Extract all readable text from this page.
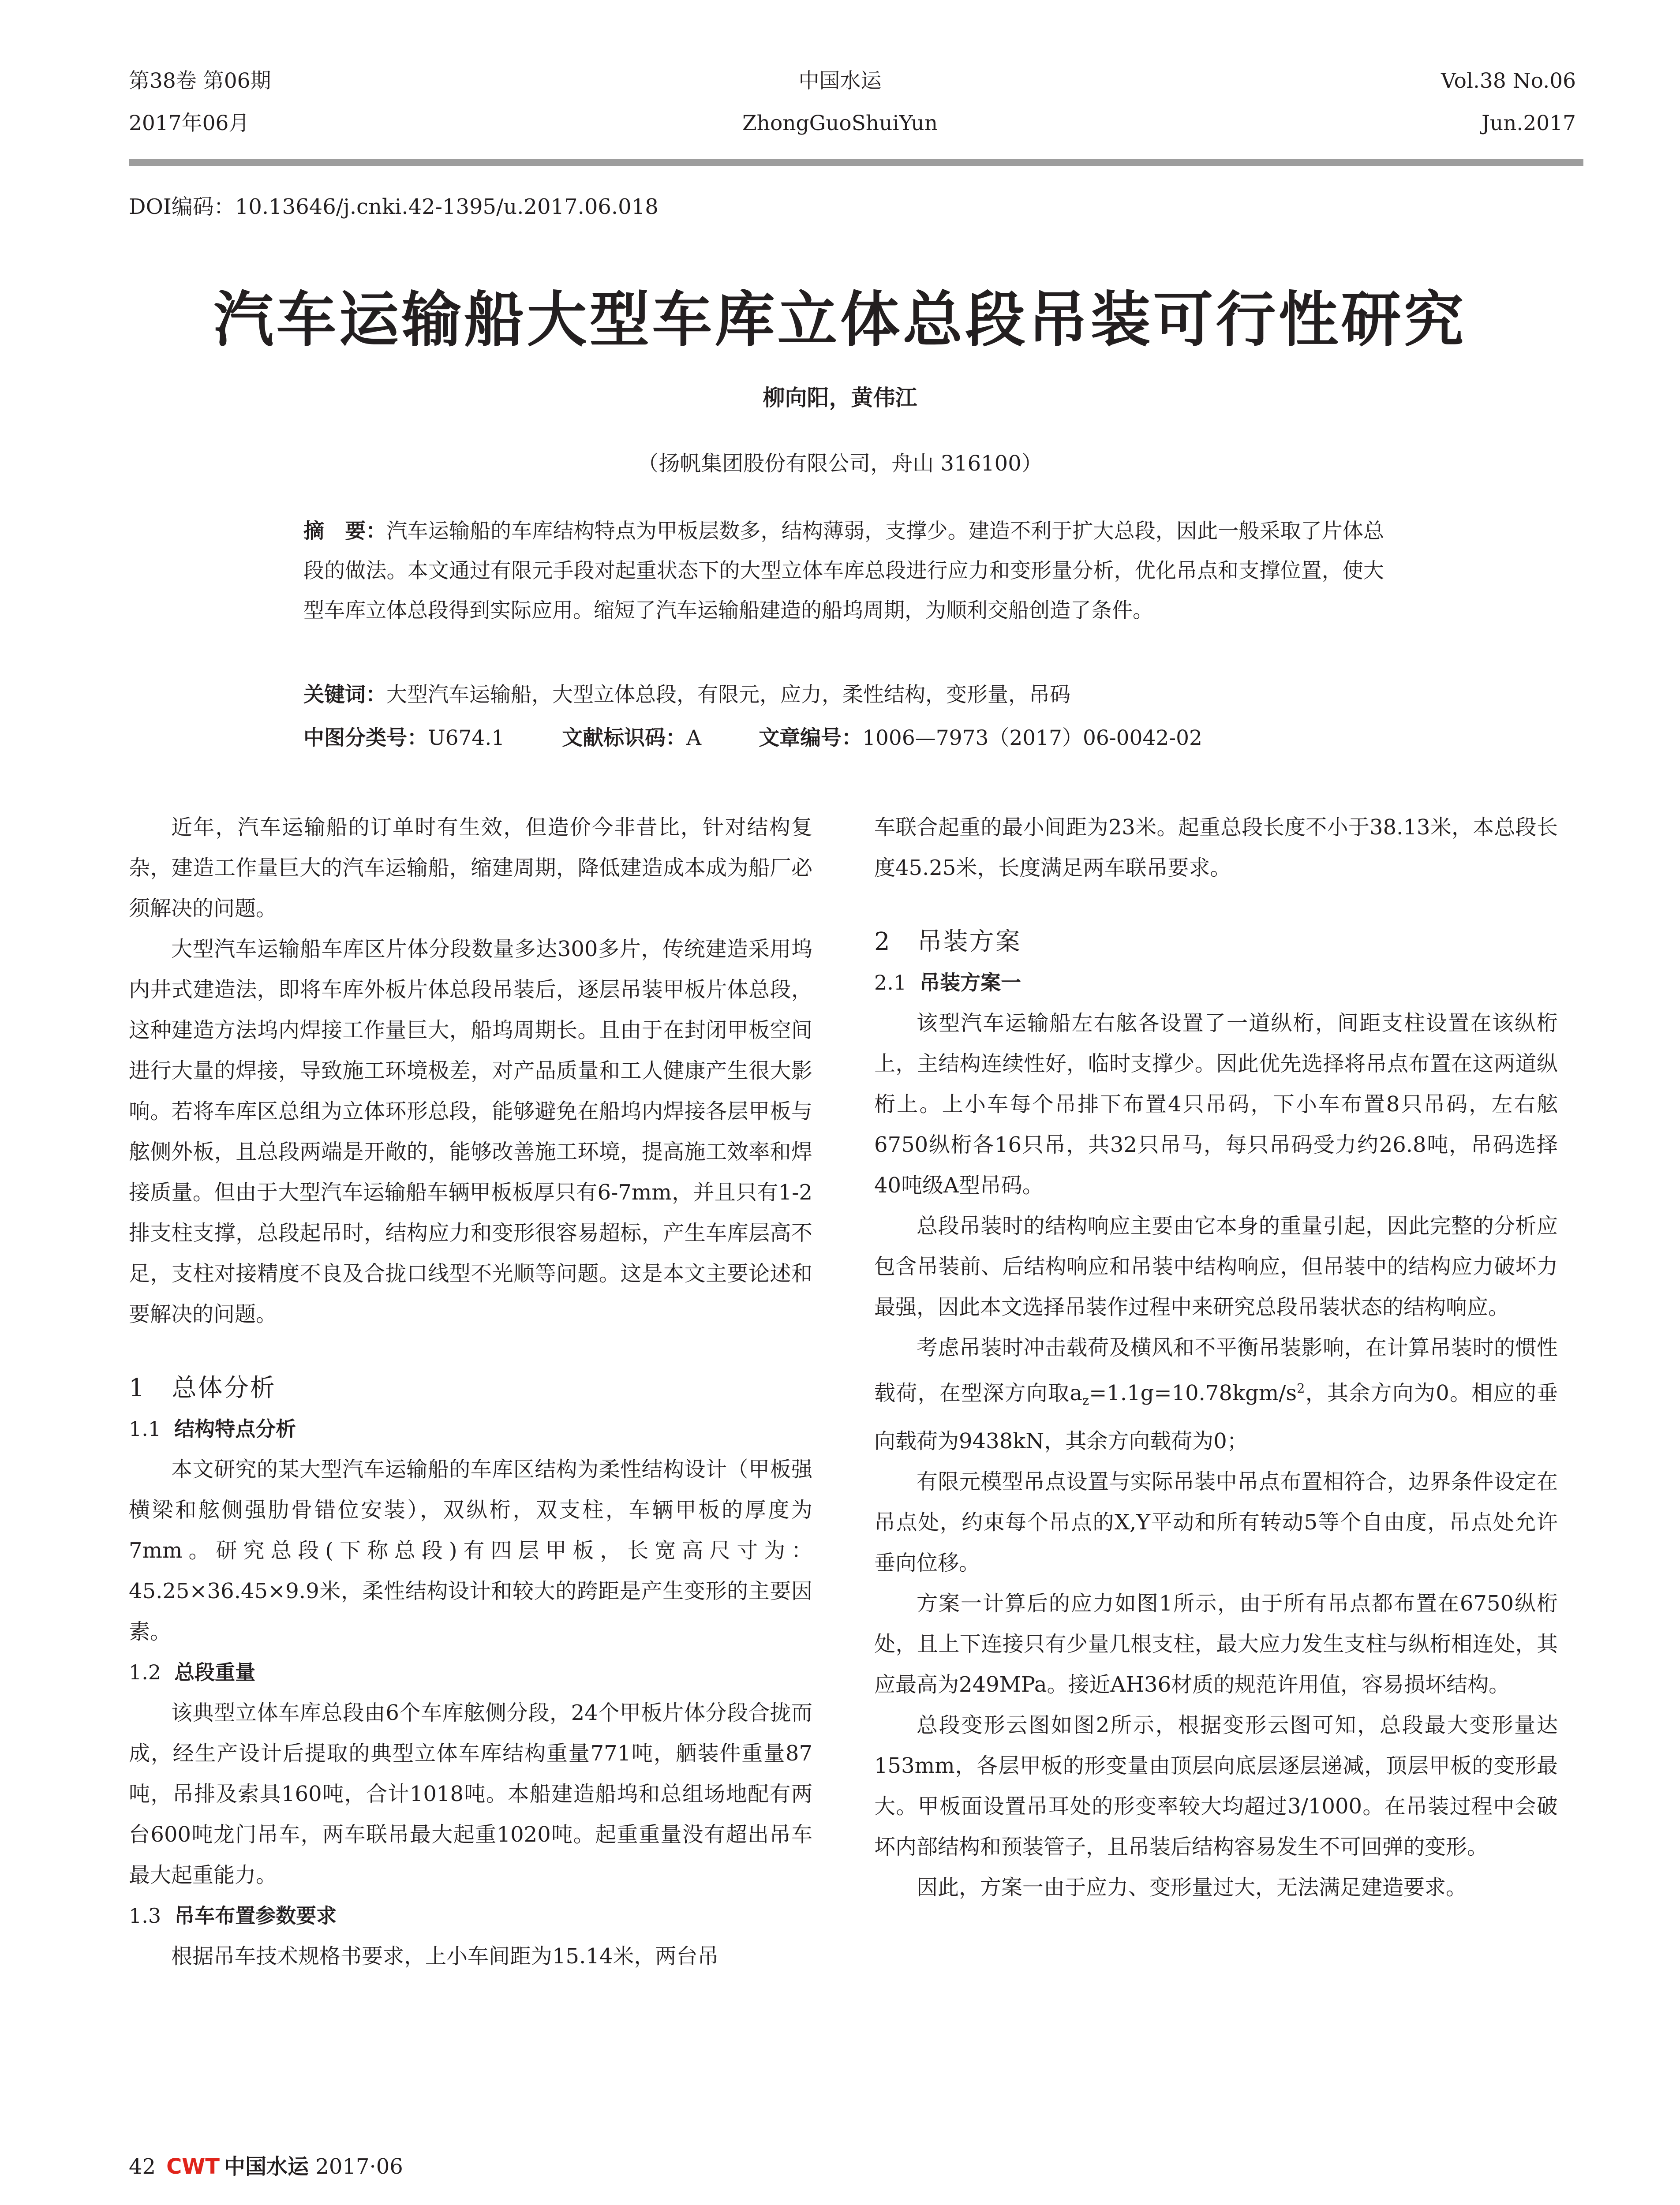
第38卷 第06期
2017年06月
中国水运
ZhongGuoShuiYun
Vol.38 No.06
Jun.2017
DOI编码：10.13646/j.cnki.42-1395/u.2017.06.018
汽车运输船大型车库立体总段吊装可行性研究
柳向阳，黄伟江
（扬帆集团股份有限公司，舟山 316100）
摘　要：汽车运输船的车库结构特点为甲板层数多，结构薄弱，支撑少。建造不利于扩大总段，因此一般采取了片体总段的做法。本文通过有限元手段对起重状态下的大型立体车库总段进行应力和变形量分析，优化吊点和支撑位置，使大型车库立体总段得到实际应用。缩短了汽车运输船建造的船坞周期，为顺利交船创造了条件。
关键词：大型汽车运输船，大型立体总段，有限元，应力，柔性结构，变形量，吊码
中图分类号：U674.1	文献标识码：A	文章编号：1006—7973（2017）06-0042-02

近年，汽车运输船的订单时有生效，但造价今非昔比，针对结构复杂，建造工作量巨大的汽车运输船，缩建周期，降低建造成本成为船厂必须解决的问题。

大型汽车运输船车库区片体分段数量多达300多片，传统建造采用坞内井式建造法，即将车库外板片体总段吊装后，逐层吊装甲板片体总段，这种建造方法坞内焊接工作量巨大，船坞周期长。且由于在封闭甲板空间进行大量的焊接，导致施工环境极差，对产品质量和工人健康产生很大影响。若将车库区总组为立体环形总段，能够避免在船坞内焊接各层甲板与舷侧外板，且总段两端是开敞的，能够改善施工环境，提高施工效率和焊接质量。但由于大型汽车运输船车辆甲板板厚只有6-7mm，并且只有1-2排支柱支撑，总段起吊时，结构应力和变形很容易超标，产生车库层高不足，支柱对接精度不良及合拢口线型不光顺等问题。这是本文主要论述和要解决的问题。

1　总体分析
1.1 结构特点分析

本文研究的某大型汽车运输船的车库区结构为柔性结构设计（甲板强横梁和舷侧强肋骨错位安装），双纵桁，双支柱，车辆甲板的厚度为7mm。研究总段(下称总段)有四层甲板，长宽高尺寸为：45.25×36.45×9.9米，柔性结构设计和较大的跨距是产生变形的主要因素。

1.2 总段重量

该典型立体车库总段由6个车库舷侧分段，24个甲板片体分段合拢而成，经生产设计后提取的典型立体车库结构重量771吨，舾装件重量87吨，吊排及索具160吨，合计1018吨。本船建造船坞和总组场地配有两台600吨龙门吊车，两车联吊最大起重1020吨。起重重量没有超出吊车最大起重能力。

1.3 吊车布置参数要求

根据吊车技术规格书要求，上小车间距为15.14米，两台吊

车联合起重的最小间距为23米。起重总段长度不小于38.13米，本总段长度45.25米，长度满足两车联吊要求。

2　吊装方案
2.1 吊装方案一

该型汽车运输船左右舷各设置了一道纵桁，间距支柱设置在该纵桁上，主结构连续性好，临时支撑少。因此优先选择将吊点布置在这两道纵桁上。上小车每个吊排下布置4只吊码，下小车布置8只吊码，左右舷6750纵桁各16只吊，共32只吊马，每只吊码受力约26.8吨，吊码选择40吨级A型吊码。

总段吊装时的结构响应主要由它本身的重量引起，因此完整的分析应包含吊装前、后结构响应和吊装中结构响应，但吊装中的结构应力破坏力最强，因此本文选择吊装作过程中来研究总段吊装状态的结构响应。

考虑吊装时冲击载荷及横风和不平衡吊装影响，在计算吊装时的惯性载荷，在型深方向取$a_z=1.1g=10.78kgm/s^2$，其余方向为0。相应的垂向载荷为9438kN，其余方向载荷为0；

有限元模型吊点设置与实际吊装中吊点布置相符合，边界条件设定在吊点处，约束每个吊点的X,Y平动和所有转动5等个自由度，吊点处允许垂向位移。

方案一计算后的应力如图1所示，由于所有吊点都布置在6750纵桁处，且上下连接只有少量几根支柱，最大应力发生支柱与纵桁相连处，其应最高为249MPa。接近AH36材质的规范许用值，容易损坏结构。

总段变形云图如图2所示，根据变形云图可知，总段最大变形量达153mm，各层甲板的形变量由顶层向底层逐层递减，顶层甲板的变形最大。甲板面设置吊耳处的形变率较大均超过3/1000。在吊装过程中会破坏内部结构和预装管子，且吊装后结构容易发生不可回弹的变形。

因此，方案一由于应力、变形量过大，无法满足建造要求。

42 CWT 中国水运 2017·06
